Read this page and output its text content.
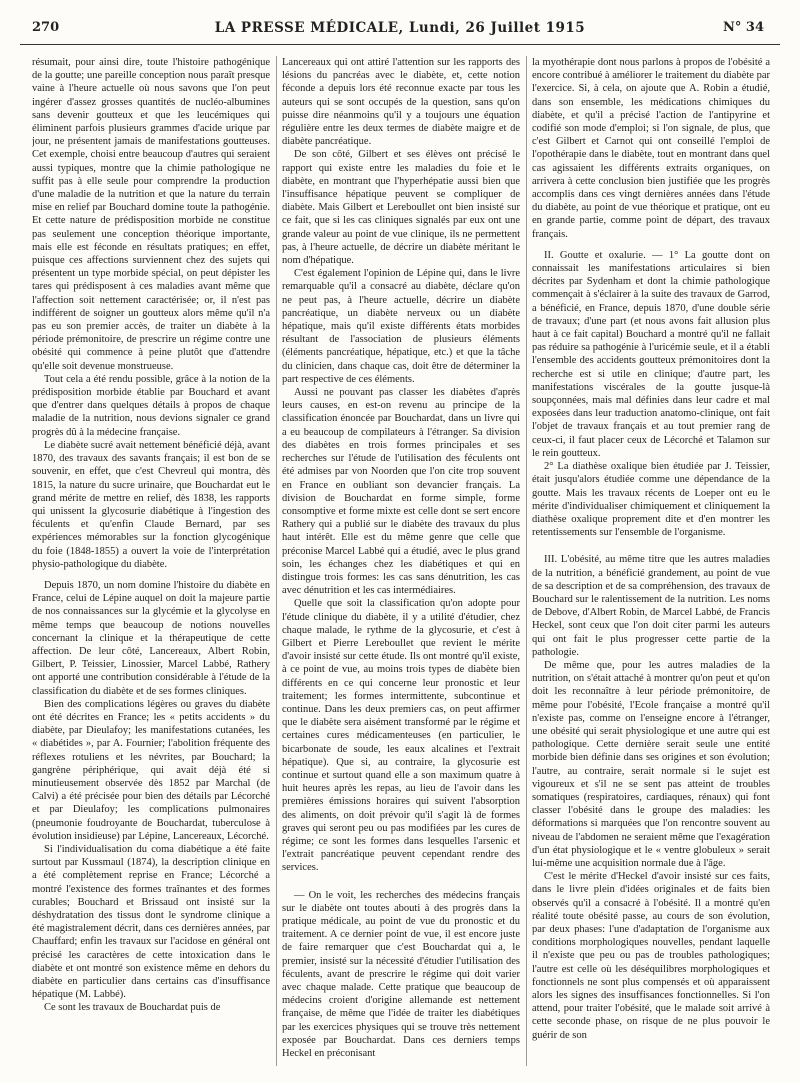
270	LA PRESSE MÉDICALE, Lundi, 26 Juillet 1915	N° 34

résumait, pour ainsi dire, toute l'histoire pathogénique de la goutte; une pareille conception nous paraît presque vaine à l'heure actuelle où nous savons que l'on peut ingérer d'assez grosses quantités de nucléo-albumines sans devenir goutteux et que les leucémiques qui éliminent parfois plusieurs grammes d'acide urique par jour, ne présentent jamais de manifestations goutteuses. Cet exemple, choisi entre beaucoup d'autres qui seraient aussi typiques, montre que la chimie pathologique ne suffit pas à elle seule pour comprendre la production d'une maladie de la nutrition et que la nature du terrain mise en relief par Bouchard domine toute la pathogénie. Et cette nature de prédisposition morbide ne constitue pas seulement une conception théorique importante, mais elle est féconde en résultats pratiques; en effet, puisque ces affections surviennent chez des sujets qui présentent un type morbide spécial, on peut dépister les tares qui prédisposent à ces maladies avant même que l'affection soit nettement caractérisée; or, il n'est pas indifférent de soigner un goutteux alors même qu'il n'a pas eu son premier accès, de traiter un diabète à la période prémonitoire, de prescrire un régime contre une obésité qui commence à peine plutôt que d'attendre qu'elle soit devenue monstrueuse.

Tout cela a été rendu possible, grâce à la notion de la prédisposition morbide établie par Bouchard et avant que d'entrer dans quelques détails à propos de chaque maladie de la nutrition, nous devions signaler ce grand progrès dû à la médecine française.

Le diabète sucré avait nettement bénéficié déjà, avant 1870, des travaux des savants français; il est bon de se souvenir, en effet, que c'est Chevreul qui montra, dès 1815, la nature du sucre urinaire, que Bouchardat eut le grand mérite de mettre en relief, dès 1838, les rapports qui unissent la glycosurie diabétique à l'ingestion des féculents et qu'enfin Claude Bernard, par ses expériences mémorables sur la fonction glycogénique du foie (1848-1855) a ouvert la voie de l'interprétation physio-pathologique du diabète.

Depuis 1870, un nom domine l'histoire du diabète en France, celui de Lépine auquel on doit la majeure partie de nos connaissances sur la glycémie et la glycolyse en même temps que beaucoup de notions nouvelles concernant la clinique et la thérapeutique de cette affection. De leur côté, Lancereaux, Albert Robin, Gilbert, P. Teissier, Linossier, Marcel Labbé, Rathery ont apporté une contribution considérable à l'étude de la classification du diabète et de ses formes cliniques.

Bien des complications légères ou graves du diabète ont été décrites en France; les « petits accidents » du diabète, par Dieulafoy; les manifestations cutanées, les « diabétides », par A. Fournier; l'abolition fréquente des réflexes rotuliens et les névrites, par Bouchard; la gangrène périphérique, qui avait déjà été si minutieusement observée dès 1852 par Marchal (de Calvi) a été précisée pour bien des détails par Lécorché et par Dieulafoy; les complications pulmonaires (pneumonie foudroyante de Bouchardat, tuberculose à évolution insidieuse) par Lépine, Lancereaux, Lécorché.

Si l'individualisation du coma diabétique a été faite surtout par Kussmaul (1874), la description clinique en a été complètement reprise en France; Lécorché a montré l'existence des formes traînantes et des formes curables; Bouchard et Brissaud ont insisté sur la déshydratation des tissus dont le syndrome clinique a été magistralement décrit, dans ces dernières années, par Chauffard; enfin les travaux sur l'acidose en général ont précisé les caractères de cette intoxication dans le diabète et ont montré son existence même en dehors du diabète en particulier dans certains cas d'insuffisance hépatique (M. Labbé).

Ce sont les travaux de Bouchardat puis de

Lancereaux qui ont attiré l'attention sur les rapports des lésions du pancréas avec le diabète, et, cette notion féconde a depuis lors été reconnue exacte par tous les auteurs qui se sont occupés de la question, sans qu'on puisse dire néanmoins qu'il y a toujours une équation régulière entre les deux termes de diabète maigre et de diabète pancréatique.

De son côté, Gilbert et ses élèves ont précisé le rapport qui existe entre les maladies du foie et le diabète, en montrant que l'hyperhépatie aussi bien que l'insuffisance hépatique peuvent se compliquer de diabète. Mais Gilbert et Lereboullet ont bien insisté sur ce fait, que si les cas cliniques signalés par eux ont une grande valeur au point de vue clinique, ils ne permettent pas, à l'heure actuelle, de décrire un diabète méritant le nom d'hépatique.

C'est également l'opinion de Lépine qui, dans le livre remarquable qu'il a consacré au diabète, déclare qu'on ne peut pas, à l'heure actuelle, décrire un diabète pancréatique, un diabète nerveux ou un diabète hépatique, mais qu'il existe différents états morbides résultant de l'association de plusieurs éléments (éléments pancréatique, hépatique, etc.) et que la tâche du clinicien, dans chaque cas, doit être de déterminer la part respective de ces éléments.

Aussi ne pouvant pas classer les diabètes d'après leurs causes, en est-on revenu au principe de la classification énoncée par Bouchardat, dans un livre qui a eu beaucoup de compilateurs à l'étranger. Sa division des diabètes en trois formes principales et ses recherches sur l'étude de l'utilisation des féculents ont été admises par von Noorden que l'on cite trop souvent en France en oubliant son devancier français. La division de Bouchardat en forme simple, forme consomptive et forme mixte est celle dont se sert encore Rathery qui a publié sur le diabète des travaux du plus haut intérêt. Elle est du même genre que celle que préconise Marcel Labbé qui a étudié, avec le plus grand soin, les échanges chez les diabétiques et qui en distingue trois formes: les cas sans dénutrition, les cas avec dénutrition et les cas intermédiaires.

Quelle que soit la classification qu'on adopte pour l'étude clinique du diabète, il y a utilité d'étudier, chez chaque malade, le rythme de la glycosurie, et c'est à Gilbert et Pierre Lereboullet que revient le mérite d'avoir insisté sur cette étude. Ils ont montré qu'il existe, à ce point de vue, au moins trois types de diabète bien différents en ce qui concerne leur pronostic et leur traitement; les formes intermittente, subcontinue et continue. Dans les deux premiers cas, on peut affirmer que le diabète sera aisément transformé par le régime et certaines cures médicamenteuses (en particulier, le bicarbonate de soude, les eaux alcalines et l'extrait hépatique). Que si, au contraire, la glycosurie est continue et surtout quand elle a son maximum quatre à huit heures après les repas, au lieu de l'avoir dans les premières émissions horaires qui suivent l'absorption des aliments, on doit prévoir qu'il s'agit là de formes graves qui seront peu ou pas modifiées par les cures de régime; ce sont les formes dans lesquelles l'arsenic et l'extrait pancréatique peuvent cependant rendre des services.

— On le voit, les recherches des médecins français sur le diabète ont toutes abouti à des progrès dans la pratique médicale, au point de vue du pronostic et du traitement. A ce dernier point de vue, il est encore juste de faire remarquer que c'est Bouchardat qui a, le premier, insisté sur la nécessité d'étudier l'utilisation des féculents, avant de prescrire le régime qui doit varier avec chaque malade. Cette pratique que beaucoup de médecins croient d'origine allemande est nettement française, de même que l'idée de traiter les diabétiques par les exercices physiques qui se trouve très nettement exposée par Bouchardat. Dans ces derniers temps Heckel en préconisant

la myothérapie dont nous parlons à propos de l'obésité a encore contribué à améliorer le traitement du diabète par l'exercice. Si, à cela, on ajoute que A. Robin a étudié, dans son ensemble, les médications chimiques du diabète, et qu'il a précisé l'action de l'antipyrine et codifié son mode d'emploi; si l'on signale, de plus, que c'est Gilbert et Carnot qui ont conseillé l'emploi de l'opothérapie dans le diabète, tout en montrant dans quel cas agissaient les différents extraits organiques, on arrivera à cette conclusion bien justifiée que les progrès accomplis dans ces vingt dernières années dans l'étude du diabète, au point de vue théorique et pratique, ont eu en grande partie, comme point de départ, des travaux français.

II. Goutte et oxalurie. — 1° La goutte dont on connaissait les manifestations articulaires si bien décrites par Sydenham et dont la chimie pathologique commençait à s'éclairer à la suite des travaux de Garrod, a bénéficié, en France, depuis 1870, d'une double série de travaux; d'une part (et nous avons fait allusion plus haut à ce fait capital) Bouchard a montré qu'il ne fallait pas réduire sa pathogénie à l'uricémie seule, et il a établi l'ensemble des accidents goutteux prémonitoires dont la recherche est si utile en clinique; d'autre part, les manifestations viscérales de la goutte jusque-là soupçonnées, mais mal définies dans leur cadre et mal exposées dans leur traduction anatomo-clinique, ont fait l'objet de travaux français et au tout premier rang de ceux-ci, il faut placer ceux de Lécorché et Talamon sur le rein goutteux.

2° La diathèse oxalique bien étudiée par J. Teissier, était jusqu'alors étudiée comme une dépendance de la goutte. Mais les travaux récents de Loeper ont eu le mérite d'individualiser chimiquement et cliniquement la diathèse oxalique proprement dite et d'en montrer les retentissements sur l'ensemble de l'organisme.

III. L'obésité, au même titre que les autres maladies de la nutrition, a bénéficié grandement, au point de vue de sa description et de sa compréhension, des travaux de Bouchard sur le ralentissement de la nutrition. Les noms de Debove, d'Albert Robin, de Marcel Labbé, de Francis Heckel, sont ceux que l'on doit citer parmi les auteurs qui ont fait le plus progresser cette partie de la pathologie.

De même que, pour les autres maladies de la nutrition, on s'était attaché à montrer qu'on peut et qu'on doit les reconnaître à leur période prémonitoire, de même pour l'obésité, l'Ecole française a montré qu'il n'existe pas, comme on l'enseigne encore à l'étranger, une obésité qui serait physiologique et une autre qui est pathologique. Cette dernière serait seule une entité morbide bien définie dans ses origines et son évolution; l'autre, au contraire, serait normale si le sujet est vigoureux et s'il ne se sent pas atteint de troubles somatiques (respiratoires, cardiaques, rénaux) qui font classer l'obésité dans le groupe des maladies: les déformations si marquées que l'on rencontre souvent au niveau de l'abdomen ne seraient même que l'exagération d'un état physiologique et le « ventre globuleux » serait lui-même une acquisition normale due à l'âge.

C'est le mérite d'Heckel d'avoir insisté sur ces faits, dans le livre plein d'idées originales et de faits bien observés qu'il a consacré à l'obésité. Il a montré qu'en réalité toute obésité passe, au cours de son évolution, par deux phases: l'une d'adaptation de l'organisme aux conditions morphologiques nouvelles, pendant laquelle il n'existe que peu ou pas de troubles pathologiques; l'autre est celle où les déséquilibres morphologiques et fonctionnels ne sont plus compensés et où apparaissent alors les signes des insuffisances fonctionnelles. Si l'on attend, pour traiter l'obésité, que le malade soit arrivé à cette seconde phase, on risque de ne plus pouvoir le guérir de son
